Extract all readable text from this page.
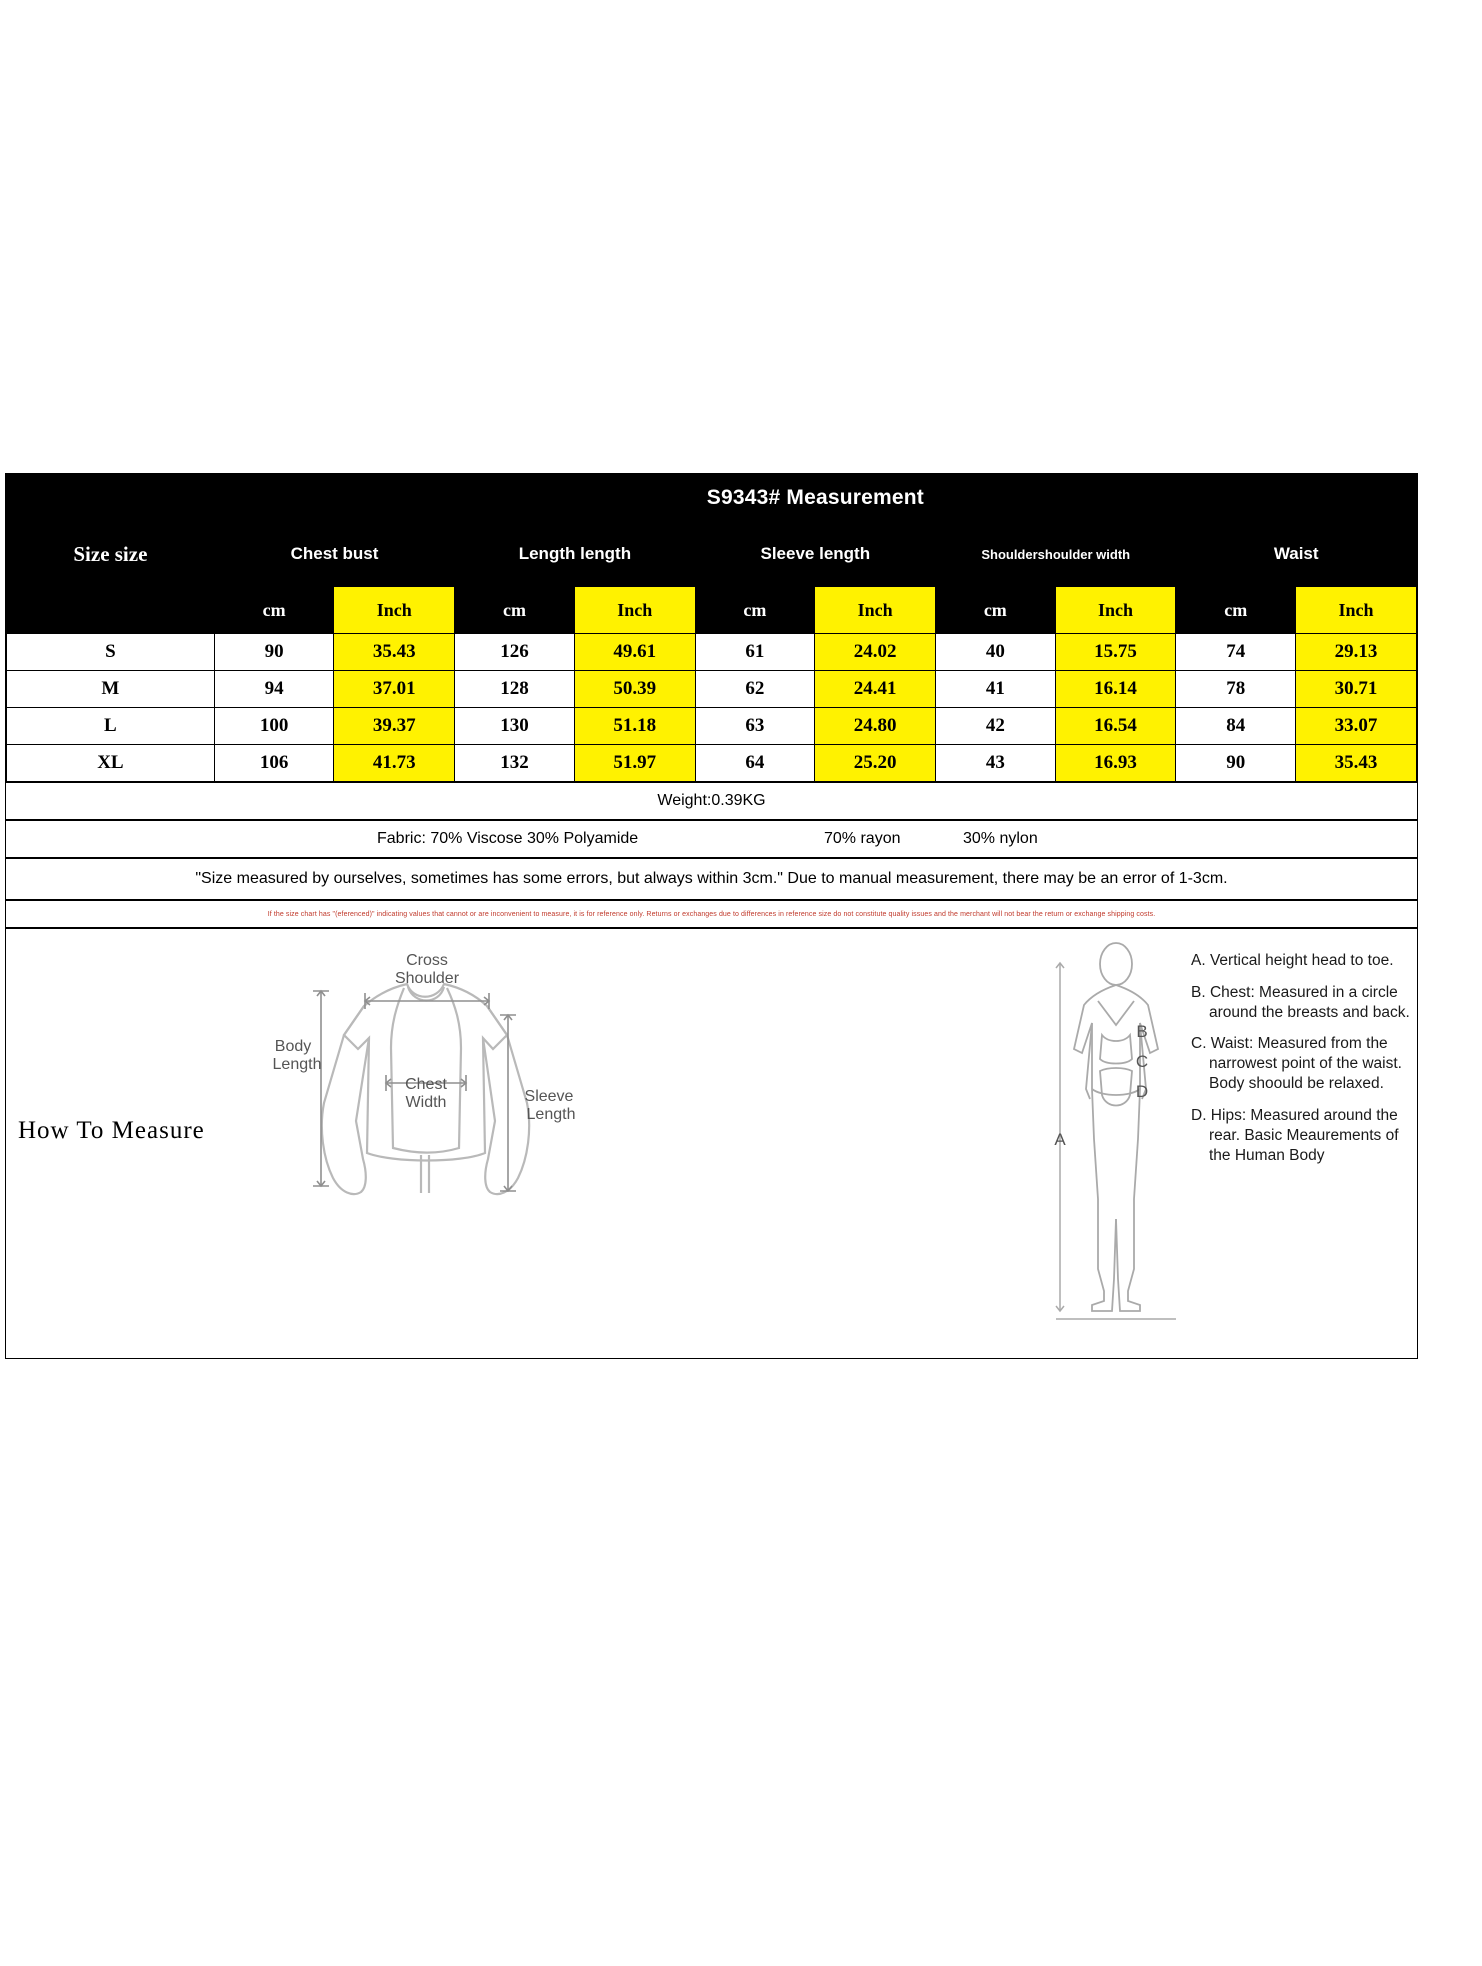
Size size	S9343# Measurement									
	Chest bust		Length length		Sleeve length		Shouldershoulder width		Waist	
	cm	Inch	cm	Inch	cm	Inch	cm	Inch	cm	Inch
S	90	35.43	126	49.61	61	24.02	40	15.75	74	29.13
M	94	37.01	128	50.39	62	24.41	41	16.14	78	30.71
L	100	39.37	130	51.18	63	24.80	42	16.54	84	33.07
XL	106	41.73	132	51.97	64	25.20	43	16.93	90	35.43
Weight:0.39KG
Fabric: 70% Viscose 30% Polyamide	70% rayon	30% nylon
"Size measured by ourselves, sometimes has some errors, but always within 3cm." Due to manual measurement, there may be an error of 1-3cm.
If the size chart has "(eferenced)" indicating values that cannot or are inconvenient to measure, it is for reference only. Returns or exchanges due to differences in reference size do not constitute quality issues and the merchant will not bear the return or exchange shipping costs.
How To Measure
Cross
Shoulder
Body
Length
Chest
Width	Sleeve
Length
A
B
C
D

A. Vertical height head to toe.

B. Chest: Measured in a circle around the breasts and back.

C. Waist: Measured from the narrowest point of the waist. Body shoould be relaxed.

D. Hips: Measured around the rear. Basic Meaurements of the Human Body
